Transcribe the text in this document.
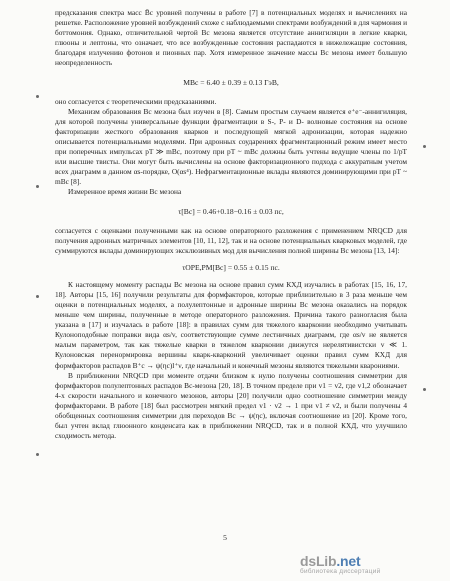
предсказания спектра масс B̄c уровней получены в работе [7] в потенциальных моделях и вычислениях на решетке. Расположение уровней возбуждений схоже с наблюдаемыми спектрами возбуждений в для чармония и боттомония. Однако, отличительной чертой Bc мезона является отсутствие аннигиляции в легкие кварки, глюоны и лептоны, что означает, что все возбужденные состояния распадаются в нижележащие состояния, благодаря излучению фотонов и пионных пар. Хотя измеренное значение массы Bc мезона имеет большую неопределенность

MBc = 6.40 ± 0.39 ± 0.13 ГэВ,

оно согласуется с теоретическими предсказаниями.

Механизм образования Bc мезона был изучен в [8]. Самым простым случаем является e⁺e⁻-аннигиляция, для которой получены универсальные функции фрагментации в S-, P- и D- волновые состояния на основе факторизации жесткого образования кварков и последующей мягкой адронизации, которая надежно описывается потенциальными моделями. При адронных соударениях фрагментационный режим имеет место при поперечных импульсах pT ≫ mBc, поэтому при pT ~ mBc должны быть учтены ведущие члены по 1/pT или высшие твисты. Они могут быть вычислены на основе факторизационного подхода с аккуратным учетом всех диаграмм в данном αs-порядке, O(αs⁴). Нефрагментационные вклады являются доминирующими при pT ~ mBc [8].

Измеренное время жизни Bc мезона

τ[Bc] = 0.46+0.18−0.16 ± 0.03 пс,

согласуется с оценками полученными как на основе операторного разложения с применением NRQCD для получения адронных матричных элементов [10, 11, 12], так и на основе потенциальных кварковых моделей, где суммируются вклады доминирующих эксклюзивных мод для вычисления полной ширины Bc мезона [13, 14]:

τOPE,PM[Bc] = 0.55 ± 0.15 пс.

К настоящему моменту распады Bc мезона на основе правил сумм КХД изучались в работах [15, 16, 17, 18]. Авторы [15, 16] получили результаты для формфакторов, которые приблизительно в 3 раза меньше чем оценки в потенциальных моделях, а полулептонные и адронные ширины Bc мезона оказались на порядок меньше чем ширины, полученные в методе операторного разложения. Причина такого разногласия была указана в [17] и изучалась в работе [18]: в правилах сумм для тяжелого кварконии необходимо учитывать Кулоноподобные поправки вида αs/v, соответствующие сумме лестничных диаграмм, где αs/v не является малым параметром, так как тяжелые кварки в тяжелом кварконии движутся нерелятивистски v ≪ 1. Кулоновская перенормировка вершины кварк-кварконий увеличивает оценки правил сумм КХД для формфакторов распадов B⁺c → ψ(ηc)l⁺ν, где начальный и конечный мезоны являются тяжелыми кварониями.

В приближении NRQCD при моменте отдачи близком к нулю получены соотношения симметрии для формфакторов полулептонных распадов Bc-мезона [20, 18]. В точном пределе при v1 = v2, где v1,2 обозначает 4-х скорости начального и конечного мезонов, авторы [20] получили одно соотношение симметрии между формфакторами. В работе [18] был рассмотрен мягкий предел v1 · v2 → 1 при v1 ≠ v2, и были получены 4 обобщенных соотношения симметрии для переходов Bc → ψ(ηc), включая соотношение из [20]. Кроме того, был учтен вклад глюонного конденсата как в приближении NRQCD, так и в полной КХД, что улучшило сходимость метода.

5
dsLib.net
библиотека диссертаций
